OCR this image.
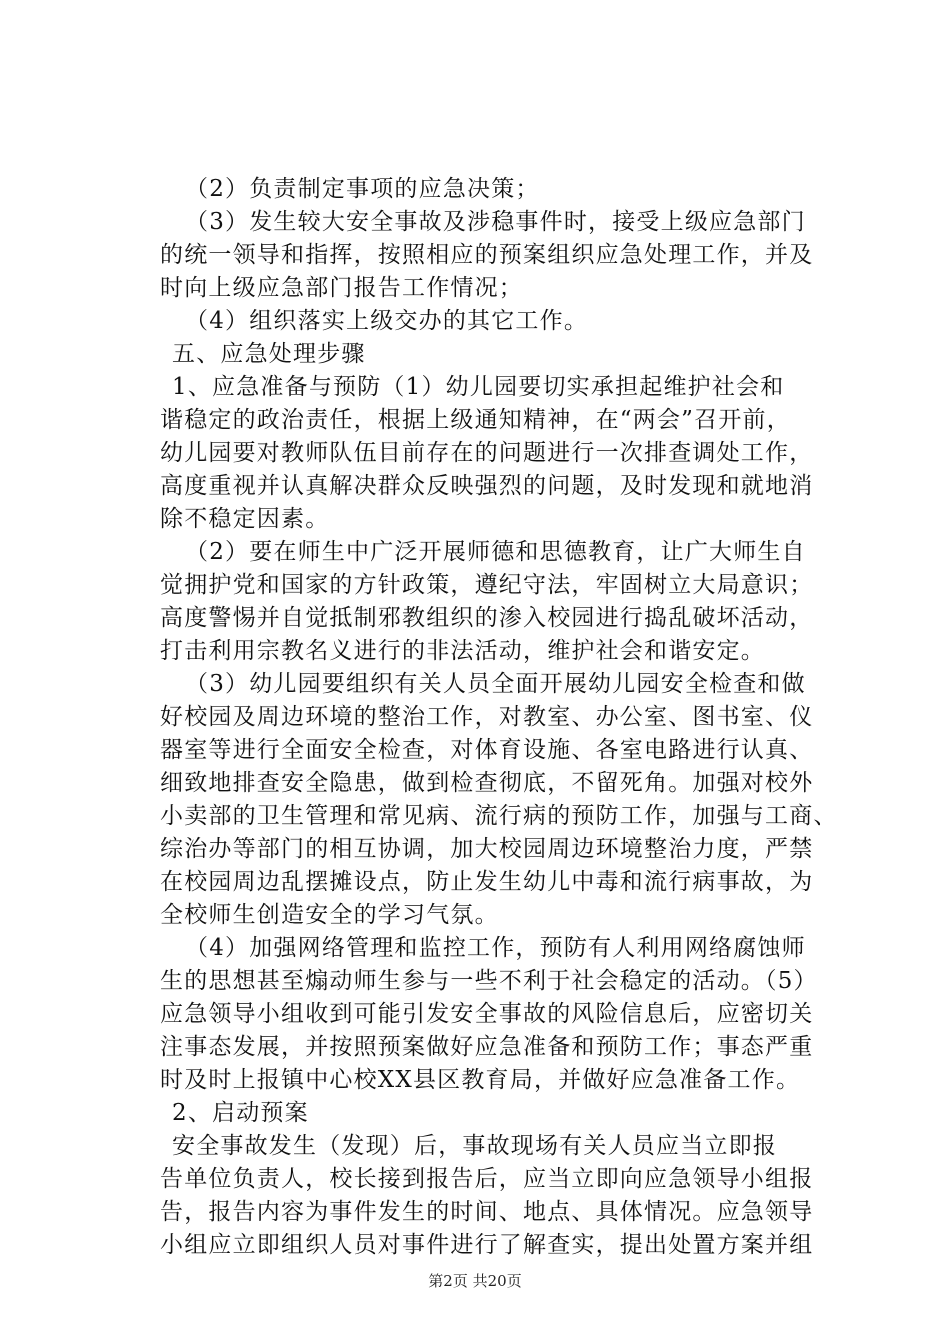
（2）负责制定事项的应急决策；
（3）发生较大安全事故及涉稳事件时，接受上级应急部门
的统一领导和指挥，按照相应的预案组织应急处理工作，并及
时向上级应急部门报告工作情况；
（4）组织落实上级交办的其它工作。
五、应急处理步骤
1、应急准备与预防（1）幼儿园要切实承担起维护社会和
谐稳定的政治责任，根据上级通知精神，在“两会”召开前，
幼儿园要对教师队伍目前存在的问题进行一次排查调处工作，
高度重视并认真解决群众反映强烈的问题，及时发现和就地消
除不稳定因素。
（2）要在师生中广泛开展师德和思德教育，让广大师生自
觉拥护党和国家的方针政策，遵纪守法，牢固树立大局意识；
高度警惕并自觉抵制邪教组织的渗入校园进行捣乱破坏活动，
打击利用宗教名义进行的非法活动，维护社会和谐安定。
（3）幼儿园要组织有关人员全面开展幼儿园安全检查和做
好校园及周边环境的整治工作，对教室、办公室、图书室、仪
器室等进行全面安全检查，对体育设施、各室电路进行认真、
细致地排查安全隐患，做到检查彻底，不留死角。加强对校外
小卖部的卫生管理和常见病、流行病的预防工作，加强与工商、
综治办等部门的相互协调，加大校园周边环境整治力度，严禁
在校园周边乱摆摊设点，防止发生幼儿中毒和流行病事故，为
全校师生创造安全的学习气氛。
（4）加强网络管理和监控工作，预防有人利用网络腐蚀师
生的思想甚至煽动师生参与一些不利于社会稳定的活动。（5）
应急领导小组收到可能引发安全事故的风险信息后，应密切关
注事态发展，并按照预案做好应急准备和预防工作；事态严重
时及时上报镇中心校XX县区教育局，并做好应急准备工作。
2、启动预案
安全事故发生（发现）后，事故现场有关人员应当立即报
告单位负责人，校长接到报告后，应当立即向应急领导小组报
告，报告内容为事件发生的时间、地点、具体情况。应急领导
小组应立即组织人员对事件进行了解查实，提出处置方案并组
第2页 共20页
